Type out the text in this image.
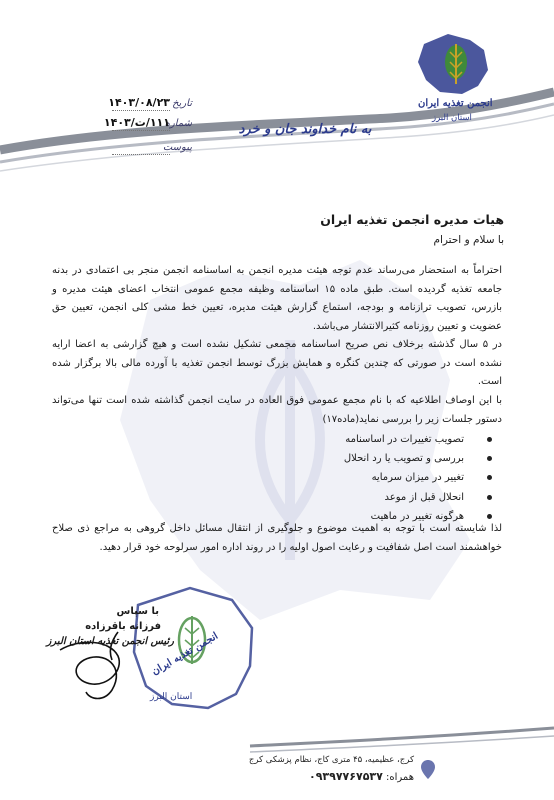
انجمن تغذیه ایران
استان البرز
تاریخ
۱۴۰۳/۰۸/۲۳
شماره
۱۱۱/ت/۱۴۰۳
پیوست
به نام خداوند جان و خرد
هیات مدیره انجمن تغذیه ایران
با سلام و احترام
احتراماً به استحضار می‌رساند عدم توجه هیئت مدیره انجمن به اساسنامه انجمن منجر بی اعتمادی در بدنه جامعه تغذیه گردیده است. طبق ماده ۱۵ اساسنامه وظیفه مجمع عمومی انتخاب اعضای هیئت مدیره و بازرس، تصویب ترازنامه و بودجه، استماع گزارش هیئت مدیره، تعیین خط مشی کلی انجمن، تعیین حق عضویت و تعیین روزنامه کثیرالانتشار می‌باشد.
در ۵ سال گذشته برخلاف نص صریح اساسنامه مجمعی تشکیل نشده است و هیچ گزارشی به اعضا ارایه نشده است در صورتی که چندین کنگره و همایش بزرگ توسط انجمن تغذیه با آورده مالی بالا برگزار شده است.
با این اوصاف اطلاعیه که با نام مجمع عمومی فوق العاده در سایت انجمن گذاشته شده است تنها می‌تواند دستور جلسات زیر را بررسی نماید(ماده۱۷)
تصویب تغییرات در اساسنامه
بررسی و تصویب یا رد انحلال
تغییر در میزان سرمایه
انحلال قبل از موعد
هرگونه تغییر در ماهیت
لذا شایسته است با توجه به اهمیت موضوع و جلوگیری از انتقال مسائل داخل گروهی به مراجع ذی صلاح خواهشمند است اصل شفافیت و رعایت اصول اولیه را در روند اداره امور سرلوحه خود قرار دهید.
با سپاس
فرزانه باقرزاده
رئیس انجمن تغذیه استان البرز
انجمن تغذیه ایران
استان البرز
کرج، عظیمیه، ۴۵ متری کاج، نظام پزشکی کرج
همراه: ۰۹۳۹۷۷۶۷۵۳۷
